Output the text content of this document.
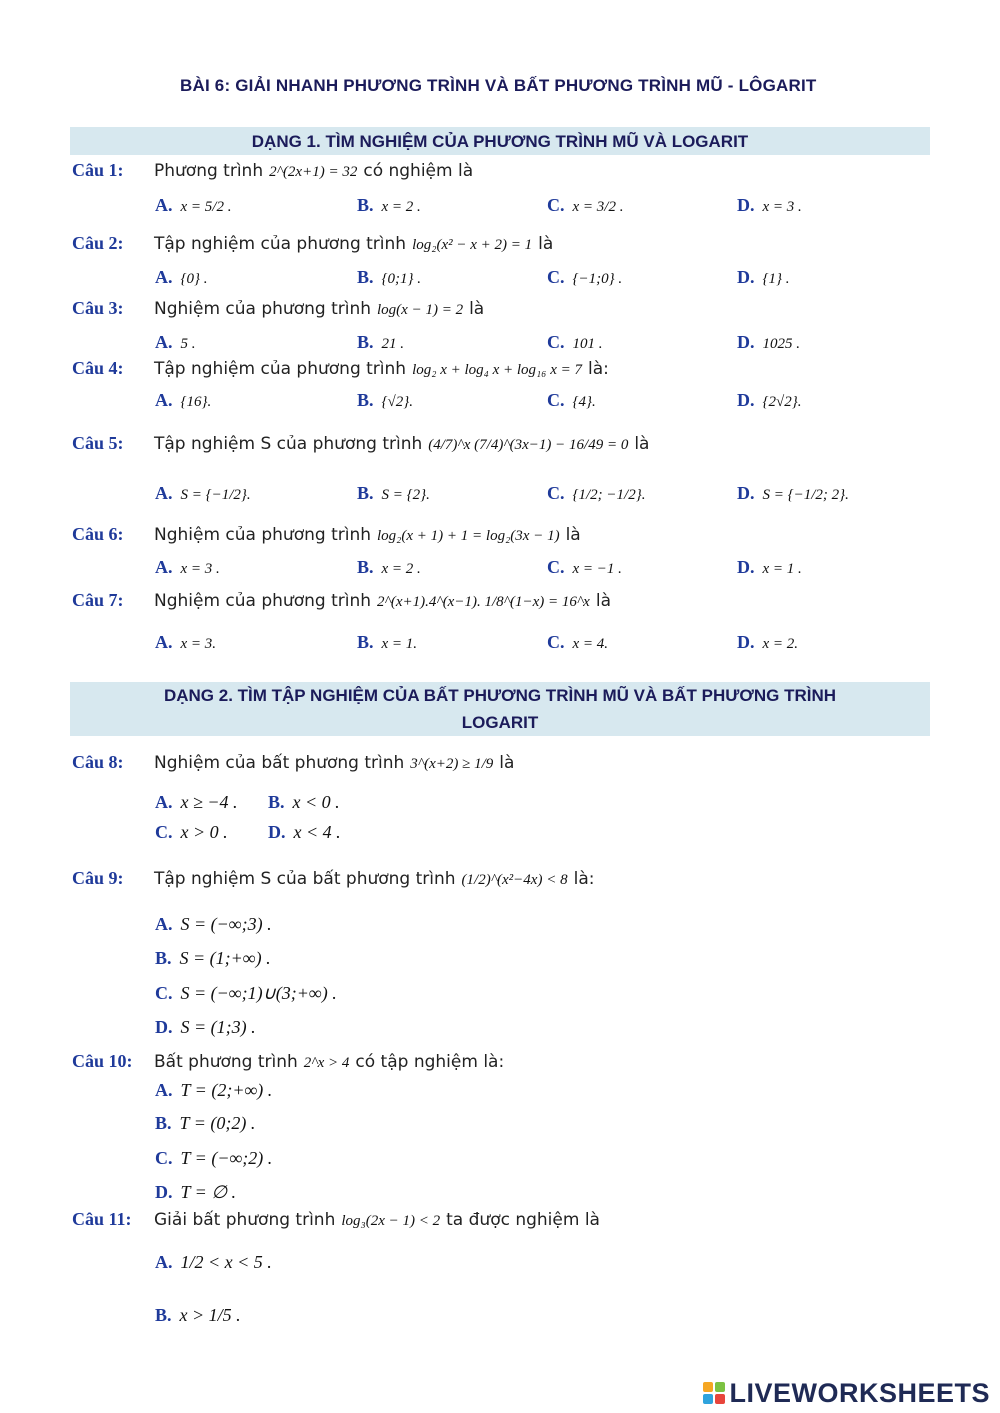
BÀI 6: GIẢI NHANH PHƯƠNG TRÌNH VÀ BẤT PHƯƠNG TRÌNH MŨ - LÔGARIT
DẠNG 1. TÌM NGHIỆM CỦA PHƯƠNG TRÌNH MŨ VÀ LOGARIT
DẠNG 2. TÌM TẬP NGHIỆM CỦA BẤT PHƯƠNG TRÌNH MŨ VÀ BẤT PHƯƠNG TRÌNH
LOGARIT
Câu 1: Phương trình 2^(2x+1) = 32 có nghiệm là
A. x = 5/2 .	B. x = 2 .	C. x = 3/2 .	D. x = 3 .
Câu 2: Tập nghiệm của phương trình log₂(x² − x + 2) = 1 là
A. {0} .	B. {0;1} .	C. {−1;0} .	D. {1} .
Câu 3: Nghiệm của phương trình log(x − 1) = 2 là
A. 5 .	B. 21 .	C. 101 .	D. 1025 .
Câu 4: Tập nghiệm của phương trình log₂ x + log₄ x + log₁₆ x = 7 là:
A. {16}.	B. {√2}.	C. {4}.	D. {2√2}.
Câu 5: Tập nghiệm S của phương trình (4/7)^x (7/4)^(3x−1) − 16/49 = 0 là
A. S = {−1/2}.	B. S = {2}.	C. {1/2; −1/2}.	D. S = {−1/2; 2}.
Câu 6: Nghiệm của phương trình log₂(x + 1) + 1 = log₂(3x − 1) là
A. x = 3 .	B. x = 2 .	C. x = −1 .	D. x = 1 .
Câu 7: Nghiệm của phương trình 2^(x+1).4^(x−1). 1/8^(1−x) = 16^x là
A. x = 3.	B. x = 1.	C. x = 4.	D. x = 2.
Câu 8: Nghiệm của bất phương trình 3^(x+2) ≥ 1/9 là
A. x ≥ −4 . B. x < 0 .
C. x > 0 . D. x < 4 .
Câu 9: Tập nghiệm S của bất phương trình (1/2)^(x²−4x) < 8 là:
A. S = (−∞;3) .
B. S = (1;+∞) .
C. S = (−∞;1)∪(3;+∞) .
D. S = (1;3) .
Câu 10: Bất phương trình 2^x > 4 có tập nghiệm là:
A. T = (2;+∞) .
B. T = (0;2) .
C. T = (−∞;2) .
D. T = ∅ .
Câu 11: Giải bất phương trình log₃(2x − 1) < 2 ta được nghiệm là
A. 1/2 < x < 5 .
B. x > 1/5 .
LIVEWORKSHEETS
